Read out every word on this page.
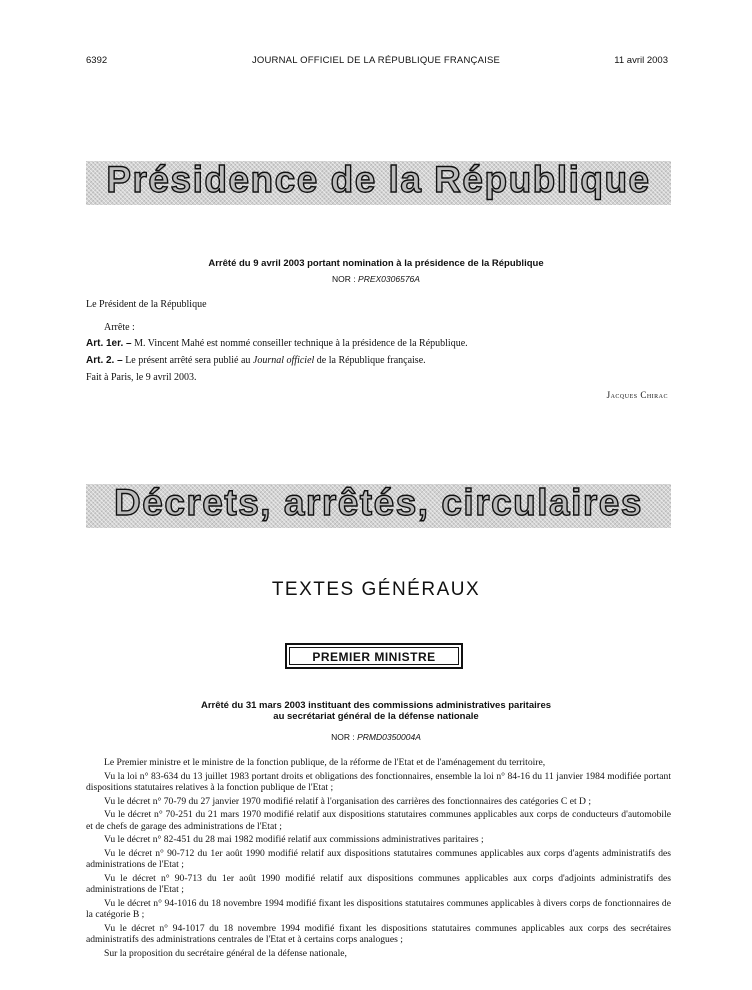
6392	JOURNAL OFFICIEL DE LA RÉPUBLIQUE FRANÇAISE	11 avril 2003
Présidence de la République
Arrêté du 9 avril 2003 portant nomination à la présidence de la République
NOR : PREX0306576A
Le Président de la République
Arrête :
Art. 1er. – M. Vincent Mahé est nommé conseiller technique à la présidence de la République.
Art. 2. – Le présent arrêté sera publié au Journal officiel de la République française.
Fait à Paris, le 9 avril 2003.
Jacques Chirac
Décrets, arrêtés, circulaires
TEXTES GÉNÉRAUX
PREMIER MINISTRE
Arrêté du 31 mars 2003 instituant des commissions administratives paritaires
au secrétariat général de la défense nationale
NOR : PRMD0350004A
Le Premier ministre et le ministre de la fonction publique, de la réforme de l'Etat et de l'aménagement du territoire,
Vu la loi n° 83-634 du 13 juillet 1983 portant droits et obligations des fonctionnaires, ensemble la loi n° 84-16 du 11 janvier 1984 modifiée portant dispositions statutaires relatives à la fonction publique de l'Etat ;
Vu le décret n° 70-79 du 27 janvier 1970 modifié relatif à l'organisation des carrières des fonctionnaires des catégories C et D ;
Vu le décret n° 70-251 du 21 mars 1970 modifié relatif aux dispositions statutaires communes applicables aux corps de conducteurs d'automobile et de chefs de garage des administrations de l'Etat ;
Vu le décret n° 82-451 du 28 mai 1982 modifié relatif aux commissions administratives paritaires ;
Vu le décret n° 90-712 du 1er août 1990 modifié relatif aux dispositions statutaires communes applicables aux corps d'agents administratifs des administrations de l'Etat ;
Vu le décret n° 90-713 du 1er août 1990 modifié relatif aux dispositions communes applicables aux corps d'adjoints administratifs des administrations de l'Etat ;
Vu le décret n° 94-1016 du 18 novembre 1994 modifié fixant les dispositions statutaires communes applicables à divers corps de fonctionnaires de la catégorie B ;
Vu le décret n° 94-1017 du 18 novembre 1994 modifié fixant les dispositions statutaires communes applicables aux corps des secrétaires administratifs des administrations centrales de l'Etat et à certains corps analogues ;
Sur la proposition du secrétaire général de la défense nationale,
